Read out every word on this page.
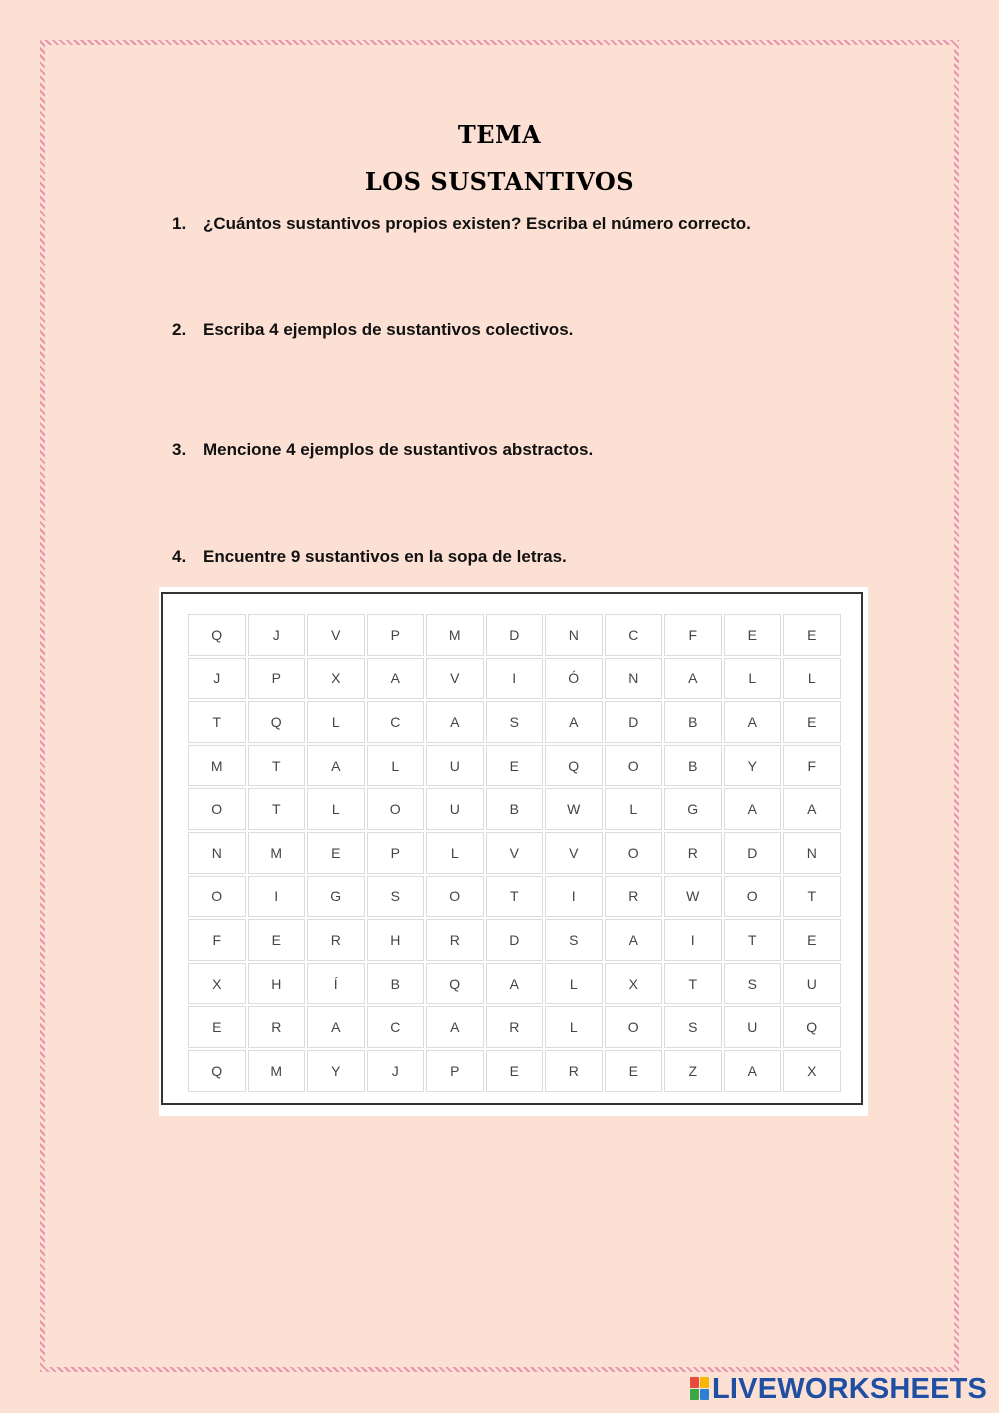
TEMA
LOS SUSTANTIVOS
1. ¿Cuántos sustantivos propios existen? Escriba el número correcto.
2. Escriba 4 ejemplos de sustantivos colectivos.
3. Mencione 4 ejemplos de sustantivos abstractos.
4. Encuentre 9 sustantivos en la sopa de letras.
Q	J	V	P	M	D	N	C	F	E	E
J	P	X	A	V	I	Ó	N	A	L	L
T	Q	L	C	A	S	A	D	B	A	E
M	T	A	L	U	E	Q	O	B	Y	F
O	T	L	O	U	B	W	L	G	A	A
N	M	E	P	L	V	V	O	R	D	N
O	I	G	S	O	T	I	R	W	O	T
F	E	R	H	R	D	S	A	I	T	E
X	H	Í	B	Q	A	L	X	T	S	U
E	R	A	C	A	R	L	O	S	U	Q
Q	M	Y	J	P	E	R	E	Z	A	X
LIVEWORKSHEETS
